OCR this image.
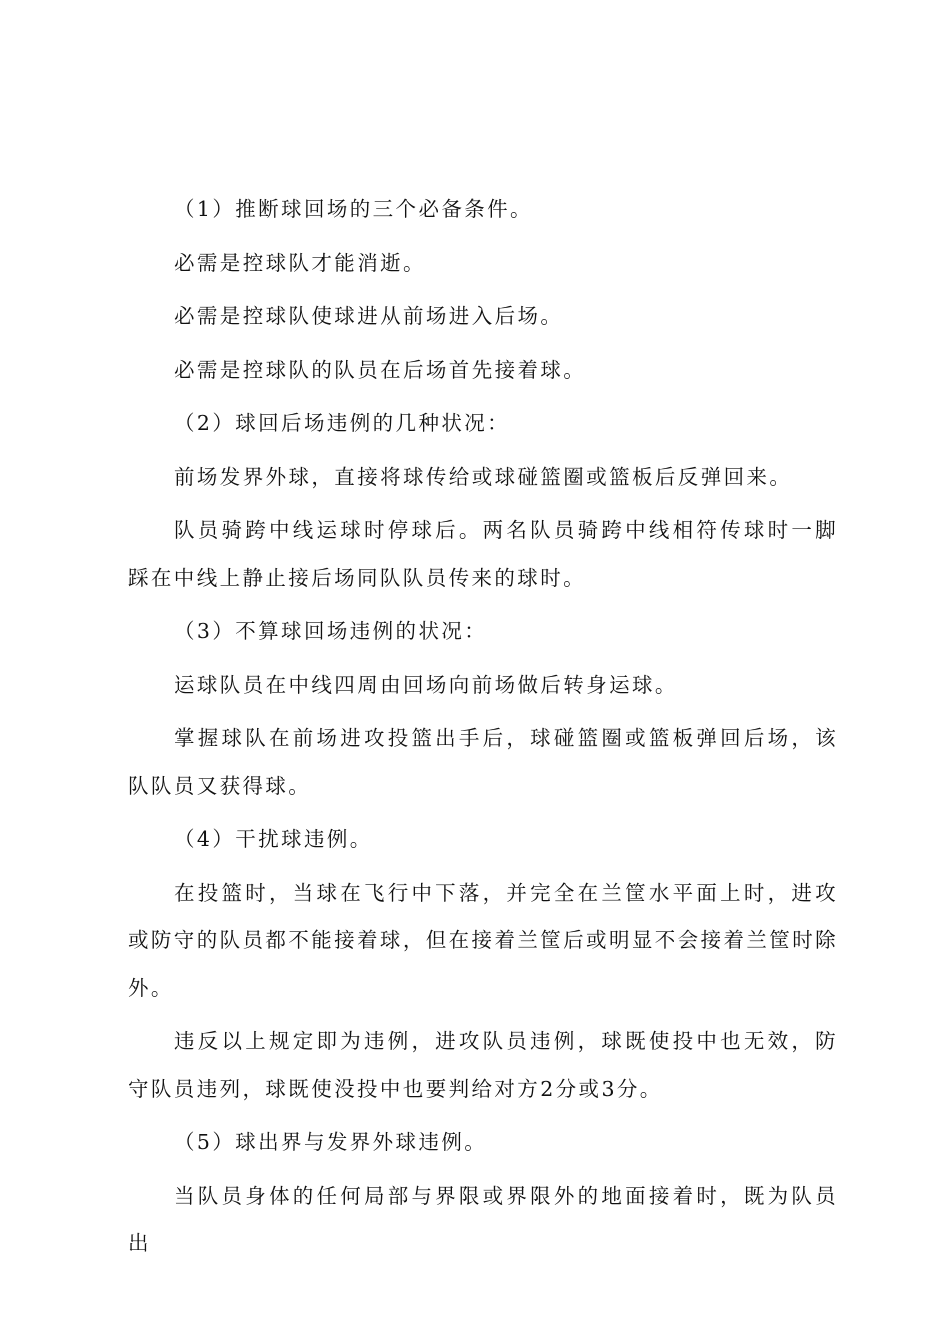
（1）推断球回场的三个必备条件。

必需是控球队才能消逝。

必需是控球队使球进从前场进入后场。

必需是控球队的队员在后场首先接着球。

（2）球回后场违例的几种状况：

前场发界外球，直接将球传给或球碰篮圈或篮板后反弹回来。

队员骑跨中线运球时停球后。两名队员骑跨中线相符传球时一脚踩在中线上静止接后场同队队员传来的球时。

（3）不算球回场违例的状况：

运球队员在中线四周由回场向前场做后转身运球。

掌握球队在前场进攻投篮出手后，球碰篮圈或篮板弹回后场，该队队员又获得球。

（4）干扰球违例。

在投篮时，当球在飞行中下落，并完全在兰筐水平面上时，进攻或防守的队员都不能接着球，但在接着兰筐后或明显不会接着兰筐时除外。

违反以上规定即为违例，进攻队员违例，球既使投中也无效，防守队员违列，球既使没投中也要判给对方2分或3分。

（5）球出界与发界外球违例。

当队员身体的任何局部与界限或界限外的地面接着时，既为队员出
